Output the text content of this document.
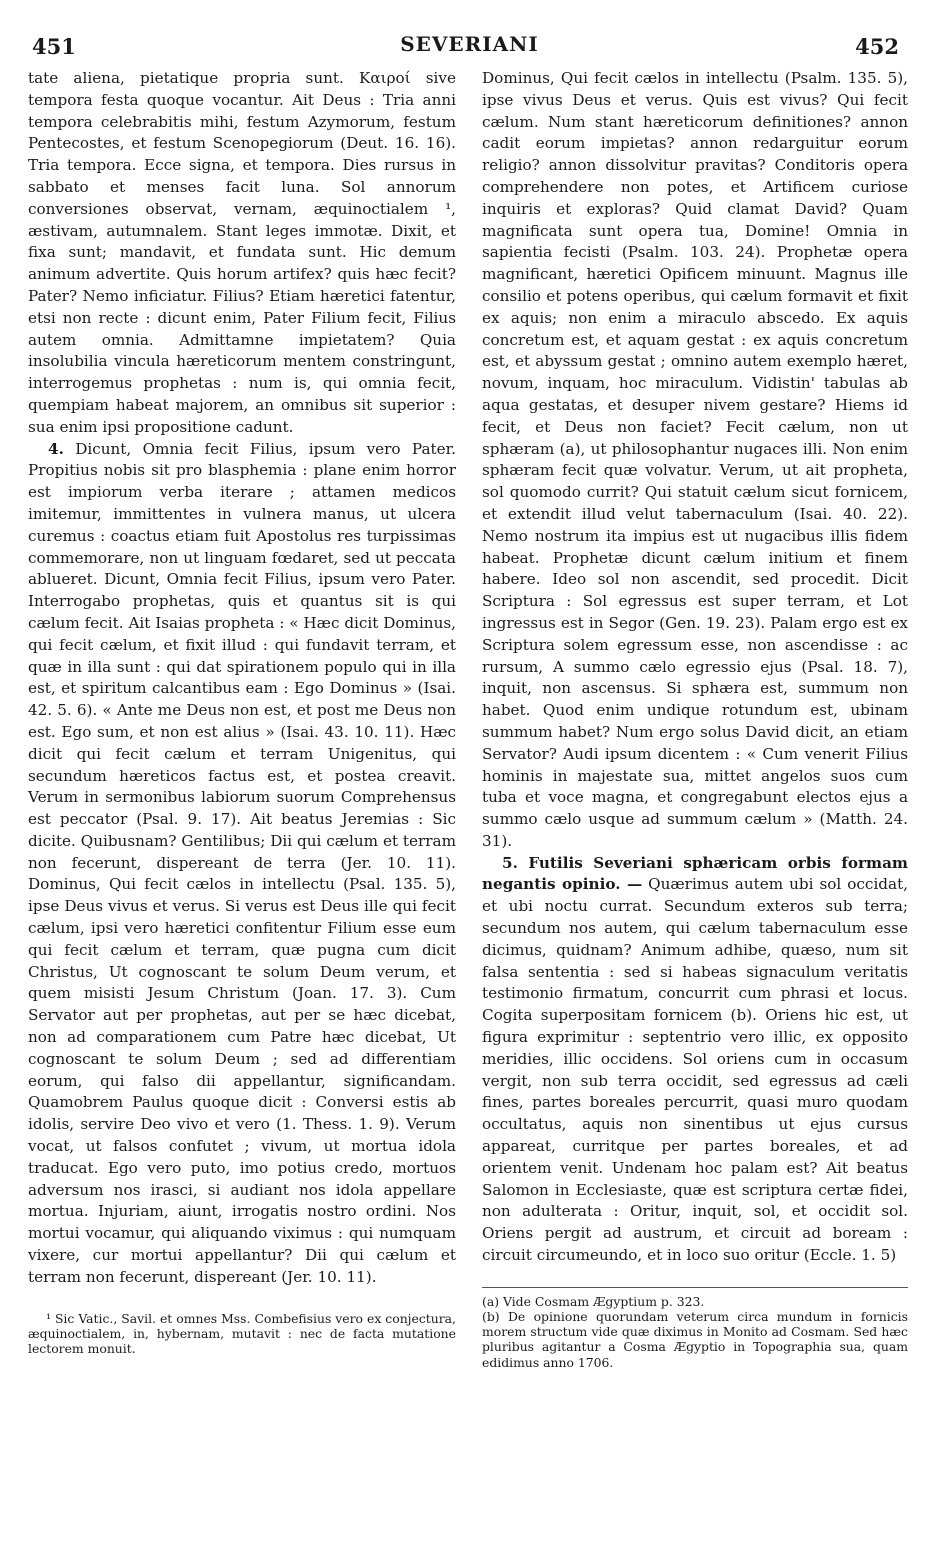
451	SEVERIANI	452

tate aliena, pietatique propria sunt. Καιροί sive tempora festa quoque vocantur. Ait Deus : Tria anni tempora celebrabitis mihi, festum Azymorum, festum Pentecostes, et festum Scenopegiorum (Deut. 16. 16). Tria tempora. Ecce signa, et tempora. Dies rursus in sabbato et menses facit luna. Sol annorum conversiones observat, vernam, æquinoctialem ¹, æstivam, autumnalem. Stant leges immotæ. Dixit, et fixa sunt; mandavit, et fundata sunt. Hic demum animum advertite. Quis horum artifex? quis hæc fecit? Pater? Nemo inficiatur. Filius? Etiam hæretici fatentur, etsi non recte : dicunt enim, Pater Filium fecit, Filius autem omnia. Admittamne impietatem? Quia insolubilia vincula hæreticorum mentem constringunt, interrogemus prophetas : num is, qui omnia fecit, quempiam habeat majorem, an omnibus sit superior : sua enim ipsi propositione cadunt.

4. Dicunt, Omnia fecit Filius, ipsum vero Pater. Propitius nobis sit pro blasphemia : plane enim horror est impiorum verba iterare ; attamen medicos imitemur, immittentes in vulnera manus, ut ulcera curemus : coactus etiam fuit Apostolus res turpissimas commemorare, non ut linguam fœdaret, sed ut peccata ablueret. Dicunt, Omnia fecit Filius, ipsum vero Pater. Interrogabo prophetas, quis et quantus sit is qui cælum fecit. Ait Isaias propheta : « Hæc dicit Dominus, qui fecit cælum, et fixit illud : qui fundavit terram, et quæ in illa sunt : qui dat spirationem populo qui in illa est, et spiritum calcantibus eam : Ego Dominus » (Isai. 42. 5. 6). « Ante me Deus non est, et post me Deus non est. Ego sum, et non est alius » (Isai. 43. 10. 11). Hæc dicit qui fecit cælum et terram Unigenitus, qui secundum hæreticos factus est, et postea creavit. Verum in sermonibus labiorum suorum Comprehensus est peccator (Psal. 9. 17). Ait beatus Jeremias : Sic dicite. Quibusnam? Gentilibus; Dii qui cælum et terram non fecerunt, dispereant de terra (Jer. 10. 11). Dominus, Qui fecit cælos in intellectu (Psal. 135. 5), ipse Deus vivus et verus. Si verus est Deus ille qui fecit cælum, ipsi vero hæretici confitentur Filium esse eum qui fecit cælum et terram, quæ pugna cum dicit Christus, Ut cognoscant te solum Deum verum, et quem misisti Jesum Christum (Joan. 17. 3). Cum Servator aut per prophetas, aut per se hæc dicebat, non ad comparationem cum Patre hæc dicebat, Ut cognoscant te solum Deum ; sed ad differentiam eorum, qui falso dii appellantur, significandam. Quamobrem Paulus quoque dicit : Conversi estis ab idolis, servire Deo vivo et vero (1. Thess. 1. 9). Verum vocat, ut falsos confutet ; vivum, ut mortua idola traducat. Ego vero puto, imo potius credo, mortuos adversum nos irasci, si audiant nos idola appellare mortua. Injuriam, aiunt, irrogatis nostro ordini. Nos mortui vocamur, qui aliquando viximus : qui numquam vixere, cur mortui appellantur? Dii qui cælum et terram non fecerunt, dispereant (Jer. 10. 11).

¹ Sic Vatic., Savil. et omnes Mss. Combefisius vero ex conjectura, æquinoctialem, in, hybernam, mutavit : nec de facta mutatione lectorem monuit.

Dominus, Qui fecit cælos in intellectu (Psalm. 135. 5), ipse vivus Deus et verus. Quis est vivus? Qui fecit cælum. Num stant hæreticorum definitiones? annon cadit eorum impietas? annon redarguitur eorum religio? annon dissolvitur pravitas? Conditoris opera comprehendere non potes, et Artificem curiose inquiris et exploras? Quid clamat David? Quam magnificata sunt opera tua, Domine! Omnia in sapientia fecisti (Psalm. 103. 24). Prophetæ opera magnificant, hæretici Opificem minuunt. Magnus ille consilio et potens operibus, qui cælum formavit et fixit ex aquis; non enim a miraculo abscedo. Ex aquis concretum est, et aquam gestat : ex aquis concretum est, et abyssum gestat ; omnino autem exemplo hæret, novum, inquam, hoc miraculum. Vidistin' tabulas ab aqua gestatas, et desuper nivem gestare? Hiems id fecit, et Deus non faciet? Fecit cælum, non ut sphæram (a), ut philosophantur nugaces illi. Non enim sphæram fecit quæ volvatur. Verum, ut ait propheta, sol quomodo currit? Qui statuit cælum sicut fornicem, et extendit illud velut tabernaculum (Isai. 40. 22). Nemo nostrum ita impius est ut nugacibus illis fidem habeat. Prophetæ dicunt cælum initium et finem habere. Ideo sol non ascendit, sed procedit. Dicit Scriptura : Sol egressus est super terram, et Lot ingressus est in Segor (Gen. 19. 23). Palam ergo est ex Scriptura solem egressum esse, non ascendisse : ac rursum, A summo cælo egressio ejus (Psal. 18. 7), inquit, non ascensus. Si sphæra est, summum non habet. Quod enim undique rotundum est, ubinam summum habet? Num ergo solus David dicit, an etiam Servator? Audi ipsum dicentem : « Cum venerit Filius hominis in majestate sua, mittet angelos suos cum tuba et voce magna, et congregabunt electos ejus a summo cælo usque ad summum cælum » (Matth. 24. 31).

5. Futilis Severiani sphæricam orbis formam negantis opinio. — Quærimus autem ubi sol occidat, et ubi noctu currat. Secundum exteros sub terra; secundum nos autem, qui cælum tabernaculum esse dicimus, quidnam? Animum adhibe, quæso, num sit falsa sententia : sed si habeas signaculum veritatis testimonio firmatum, concurrit cum phrasi et locus. Cogita superpositam fornicem (b). Oriens hic est, ut figura exprimitur : septentrio vero illic, ex opposito meridies, illic occidens. Sol oriens cum in occasum vergit, non sub terra occidit, sed egressus ad cæli fines, partes boreales percurrit, quasi muro quodam occultatus, aquis non sinentibus ut ejus cursus appareat, curritque per partes boreales, et ad orientem venit. Undenam hoc palam est? Ait beatus Salomon in Ecclesiaste, quæ est scriptura certæ fidei, non adulterata : Oritur, inquit, sol, et occidit sol. Oriens pergit ad austrum, et circuit ad boream : circuit circumeundo, et in loco suo oritur (Eccle. 1. 5)

(a) Vide Cosmam Ægyptium p. 323.

(b) De opinione quorundam veterum circa mundum in fornicis morem structum vide quæ diximus in Monito ad Cosmam. Sed hæc pluribus agitantur a Cosma Ægyptio in Topographia sua, quam edidimus anno 1706.
